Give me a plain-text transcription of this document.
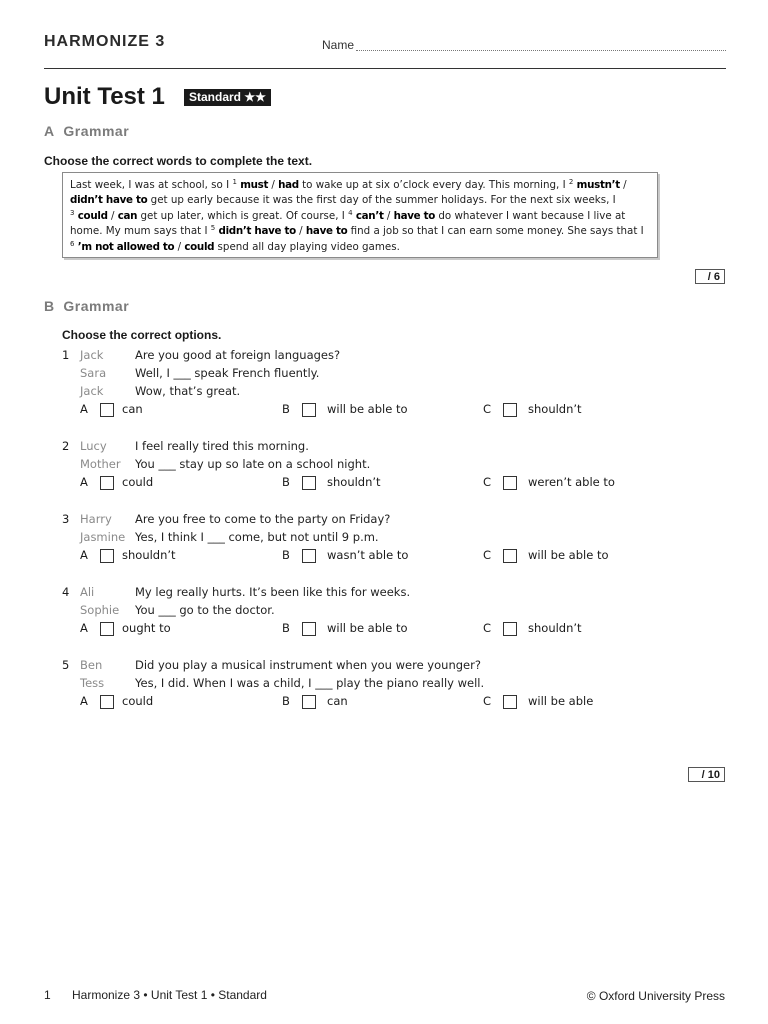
HARMONIZE 3	Name
Unit Test 1	Standard ★★
A Grammar
Choose the correct words to complete the text.
Last week, I was at school, so I $^1$ must / had to wake up at six o’clock every day. This morning, I $^2$ mustn’t / didn’t have to get up early because it was the first day of the summer holidays. For the next six weeks, I $^3$ could / can get up later, which is great. Of course, I $^4$ can’t / have to do whatever I want because I live at home. My mum says that I $^5$ didn’t have to / have to find a job so that I can earn some money. She says that I $^6$ ’m not allowed to / could spend all day playing video games.
/ 6
B Grammar
Choose the correct options.
1 Jack	Are you good at foreign languages?
Sara	Well, I ___ speak French fluently.
Jack	Wow, that’s great.
A	can	B	will be able to	C	shouldn’t
2 Lucy I feel really tired this morning.
Mother You ___ stay up so late on a school night.
A	could	B	shouldn’t	C	weren’t able to
3 Harry Are you free to come to the party on Friday?
Jasmine Yes, I think I ___ come, but not until 9 p.m.
A	shouldn’t	B	wasn’t able to	C	will be able to
4 Ali	My leg really hurts. It’s been like this for weeks.
Sophie You ___ go to the doctor.
A	ought to	B	will be able to	C	shouldn’t
5 Ben	Did you play a musical instrument when you were younger?
Tess	Yes, I did. When I was a child, I ___ play the piano really well.
A	could	B	can	C	will be able
/ 10
1 Harmonize 3 • Unit Test 1 • Standard	© Oxford University Press
